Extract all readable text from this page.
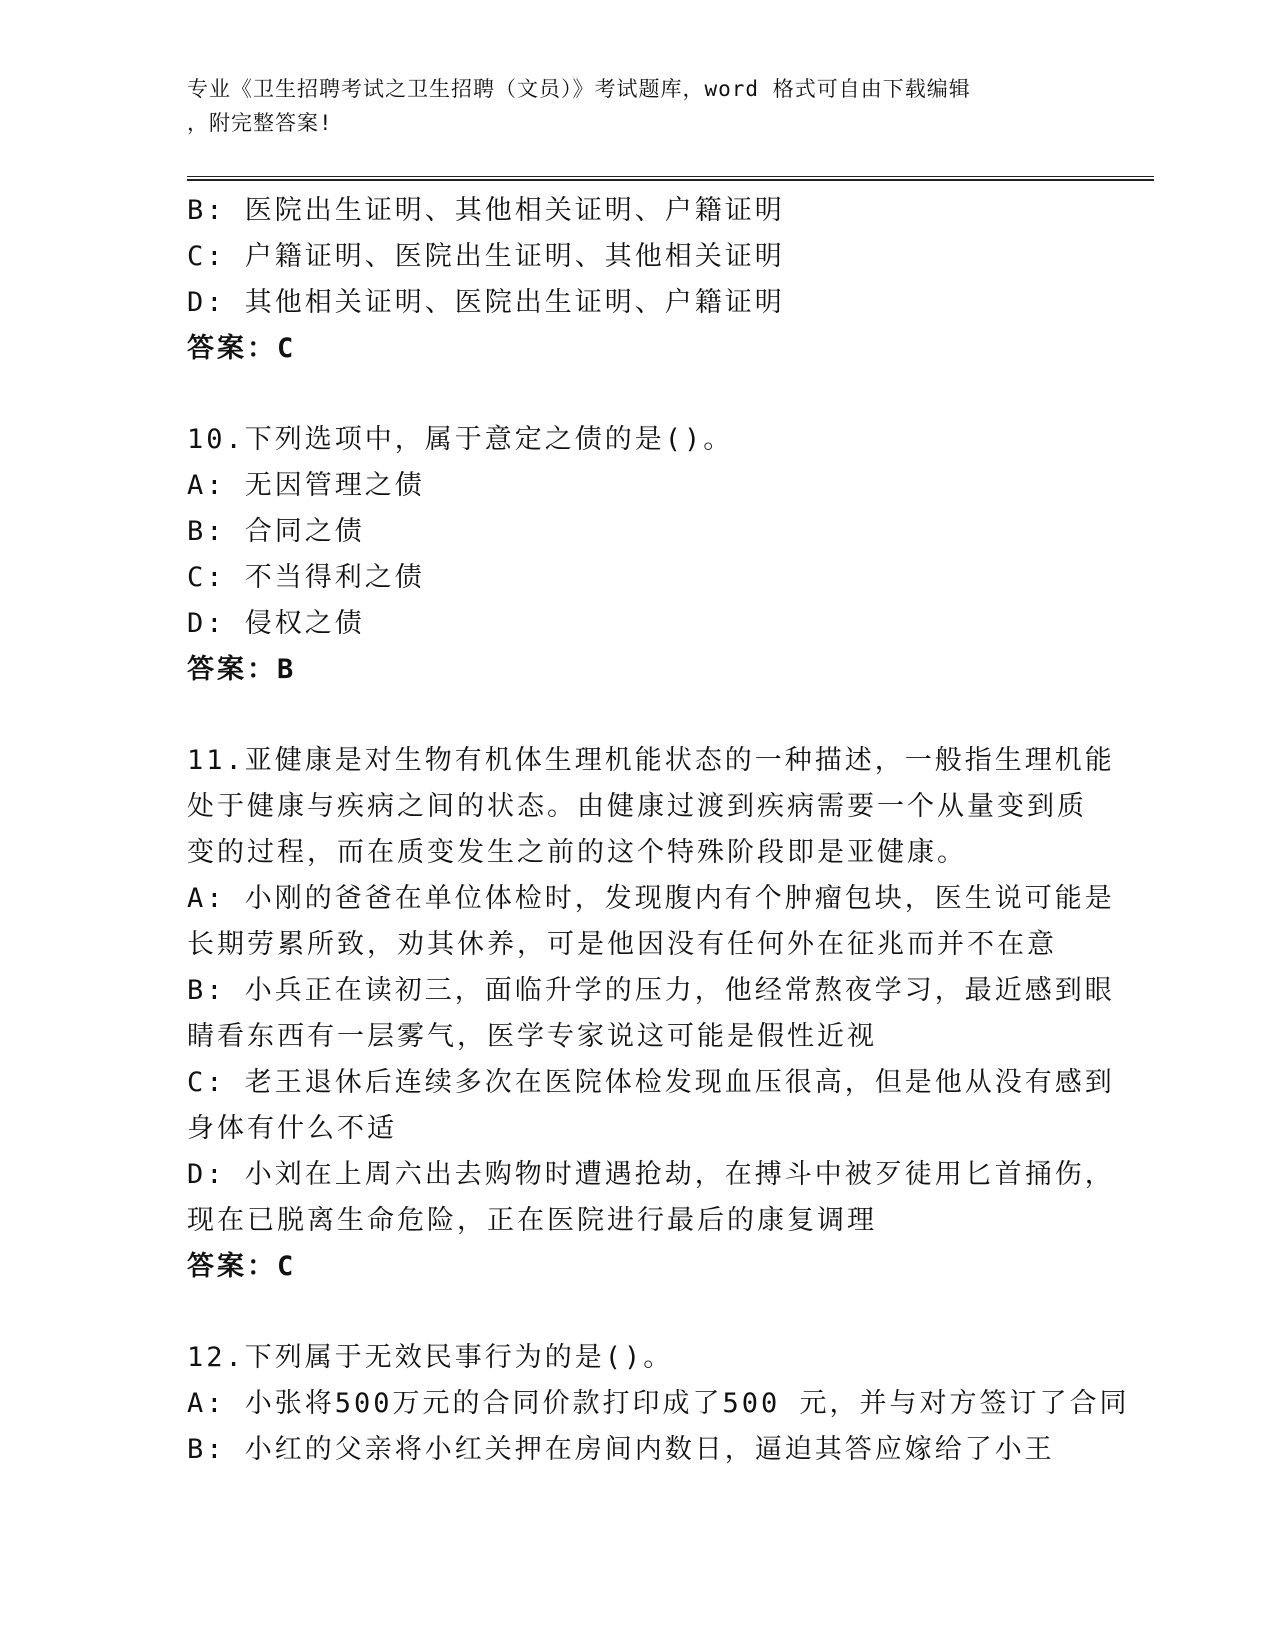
专业《卫生招聘考试之卫生招聘（文员）》考试题库，word 格式可自由下载编辑
，附完整答案!
B: 医院出生证明、其他相关证明、户籍证明
C: 户籍证明、医院出生证明、其他相关证明
D: 其他相关证明、医院出生证明、户籍证明
答案：C
10.下列选项中，属于意定之债的是()。
A: 无因管理之债
B: 合同之债
C: 不当得利之债
D: 侵权之债
答案：B
11.亚健康是对生物有机体生理机能状态的一种描述，一般指生理机能
处于健康与疾病之间的状态。由健康过渡到疾病需要一个从量变到质
变的过程，而在质变发生之前的这个特殊阶段即是亚健康。
A: 小刚的爸爸在单位体检时，发现腹内有个肿瘤包块，医生说可能是
长期劳累所致，劝其休养，可是他因没有任何外在征兆而并不在意
B: 小兵正在读初三，面临升学的压力，他经常熬夜学习，最近感到眼
睛看东西有一层雾气，医学专家说这可能是假性近视
C: 老王退休后连续多次在医院体检发现血压很高，但是他从没有感到
身体有什么不适
D: 小刘在上周六出去购物时遭遇抢劫，在搏斗中被歹徒用匕首捅伤，
现在已脱离生命危险，正在医院进行最后的康复调理
答案：C
12.下列属于无效民事行为的是()。
A: 小张将500万元的合同价款打印成了500 元，并与对方签订了合同
B: 小红的父亲将小红关押在房间内数日，逼迫其答应嫁给了小王
